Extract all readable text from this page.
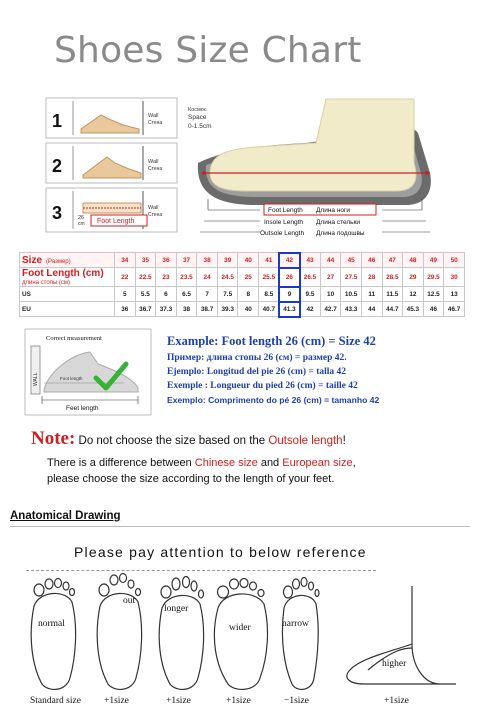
Shoes Size Chart
1	Wall
Стена
2	Wall
Стена
3	Foot Length
26
cm
Wall
Стена
Космос
Space
0-1.5cm
Foot Length Длина ноги
Insole Length Длина стельки
Outsole Length Длина подошвы
Size (Размер)	34	35	36	37	38	39	40	41	42	43	44	45	46	47	48	49	50
Foot Length (cm)
длина стопы (см)	22	22.5	23	23.5	24	24.5	25	25.5	26	26.5	27	27.5	28	28.5	29	29.5	30
US	5	5.5	6	6.5	7	7.5	8	8.5	9	9.5	10	10.5	11	11.5	12	12.5	13
EU	36	36.7	37.3	38	38.7	39.3	40	40.7	41.3	42	42.7	43.3	44	44.7	45.3	46	46.7
Correct measurement
WALL	Foot length
Feet length
Example: Foot length 26 (cm) = Size 42
Пример: длина стопы 26 (см) = размер 42.
Ejemplo: Longitud del pie 26 (cm) = talla 42
Exemple : Longueur du pied 26 (cm) = taille 42
Exemplo: Comprimento do pé 26 (cm) = tamanho 42
Note: Do not choose the size based on the Outsole length!
There is a difference between Chinese size and European size,
please choose the size according to the length of your feet.
Anatomical Drawing
Please pay attention to below reference
normal
out
longer
wider	narrow
higher
Standard size +1size	+1size	+1size	−1size	+1size
